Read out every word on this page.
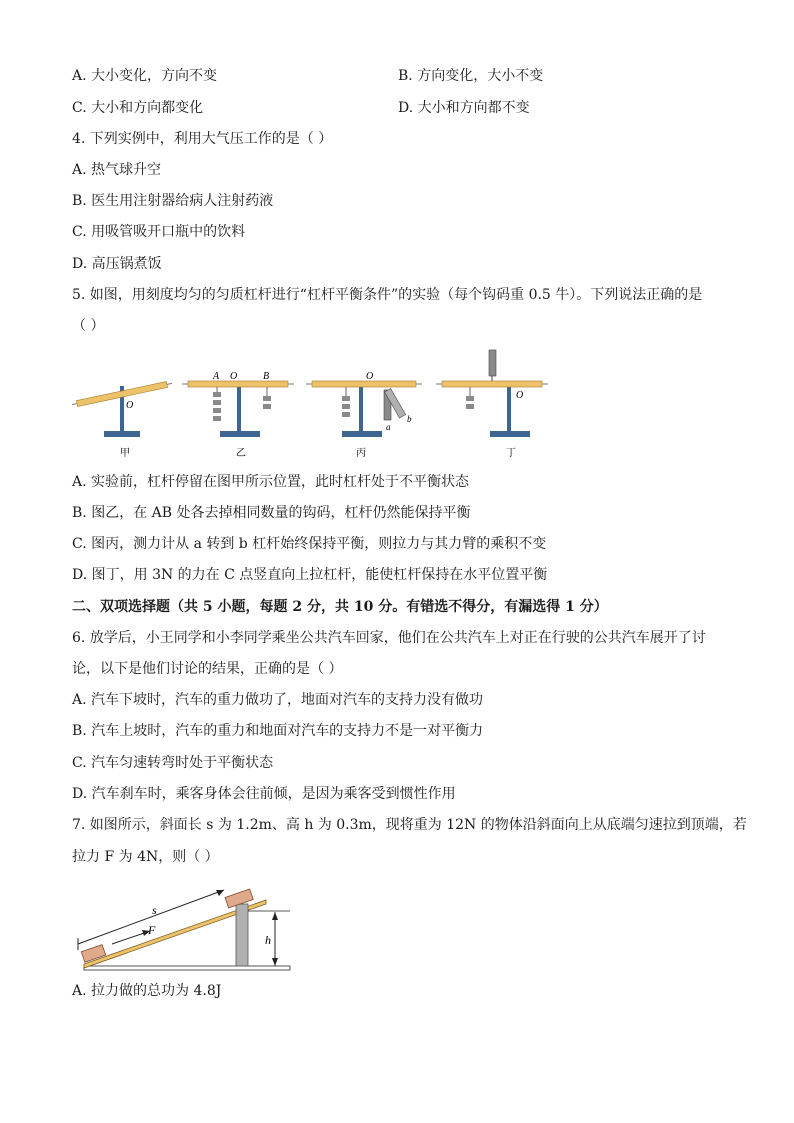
A. 大小变化，方向不变	B. 方向变化，大小不变
C. 大小和方向都变化	D. 大小和方向都不变
4. 下列实例中，利用大气压工作的是（ ）
A. 热气球升空
B. 医生用注射器给病人注射药液
C. 用吸管吸开口瓶中的饮料
D. 高压锅煮饭
5. 如图，用刻度均匀的匀质杠杆进行“杠杆平衡条件”的实验（每个钩码重 0.5 牛）。下列说法正确的是
（ ）
O
甲
A O	B
乙
O
a
b
丙
O
丁
A. 实验前，杠杆停留在图甲所示位置，此时杠杆处于不平衡状态
B. 图乙，在 AB 处各去掉相同数量的钩码，杠杆仍然能保持平衡
C. 图丙，测力计从 a 转到 b 杠杆始终保持平衡，则拉力与其力臂的乘积不变
D. 图丁，用 3N 的力在 C 点竖直向上拉杠杆，能使杠杆保持在水平位置平衡
二、双项选择题（共 5 小题，每题 2 分，共 10 分。有错选不得分，有漏选得 1 分）
6. 放学后，小王同学和小李同学乘坐公共汽车回家，他们在公共汽车上对正在行驶的公共汽车展开了讨
论，以下是他们讨论的结果，正确的是（ ）
A. 汽车下坡时，汽车的重力做功了，地面对汽车的支持力没有做功
B. 汽车上坡时，汽车的重力和地面对汽车的支持力不是一对平衡力
C. 汽车匀速转弯时处于平衡状态
D. 汽车刹车时，乘客身体会往前倾，是因为乘客受到惯性作用
7. 如图所示，斜面长 s 为 1.2m、高 h 为 0.3m，现将重为 12N 的物体沿斜面向上从底端匀速拉到顶端，若
拉力 F 为 4N，则（ ）
s
F
h
A. 拉力做的总功为 4.8J
